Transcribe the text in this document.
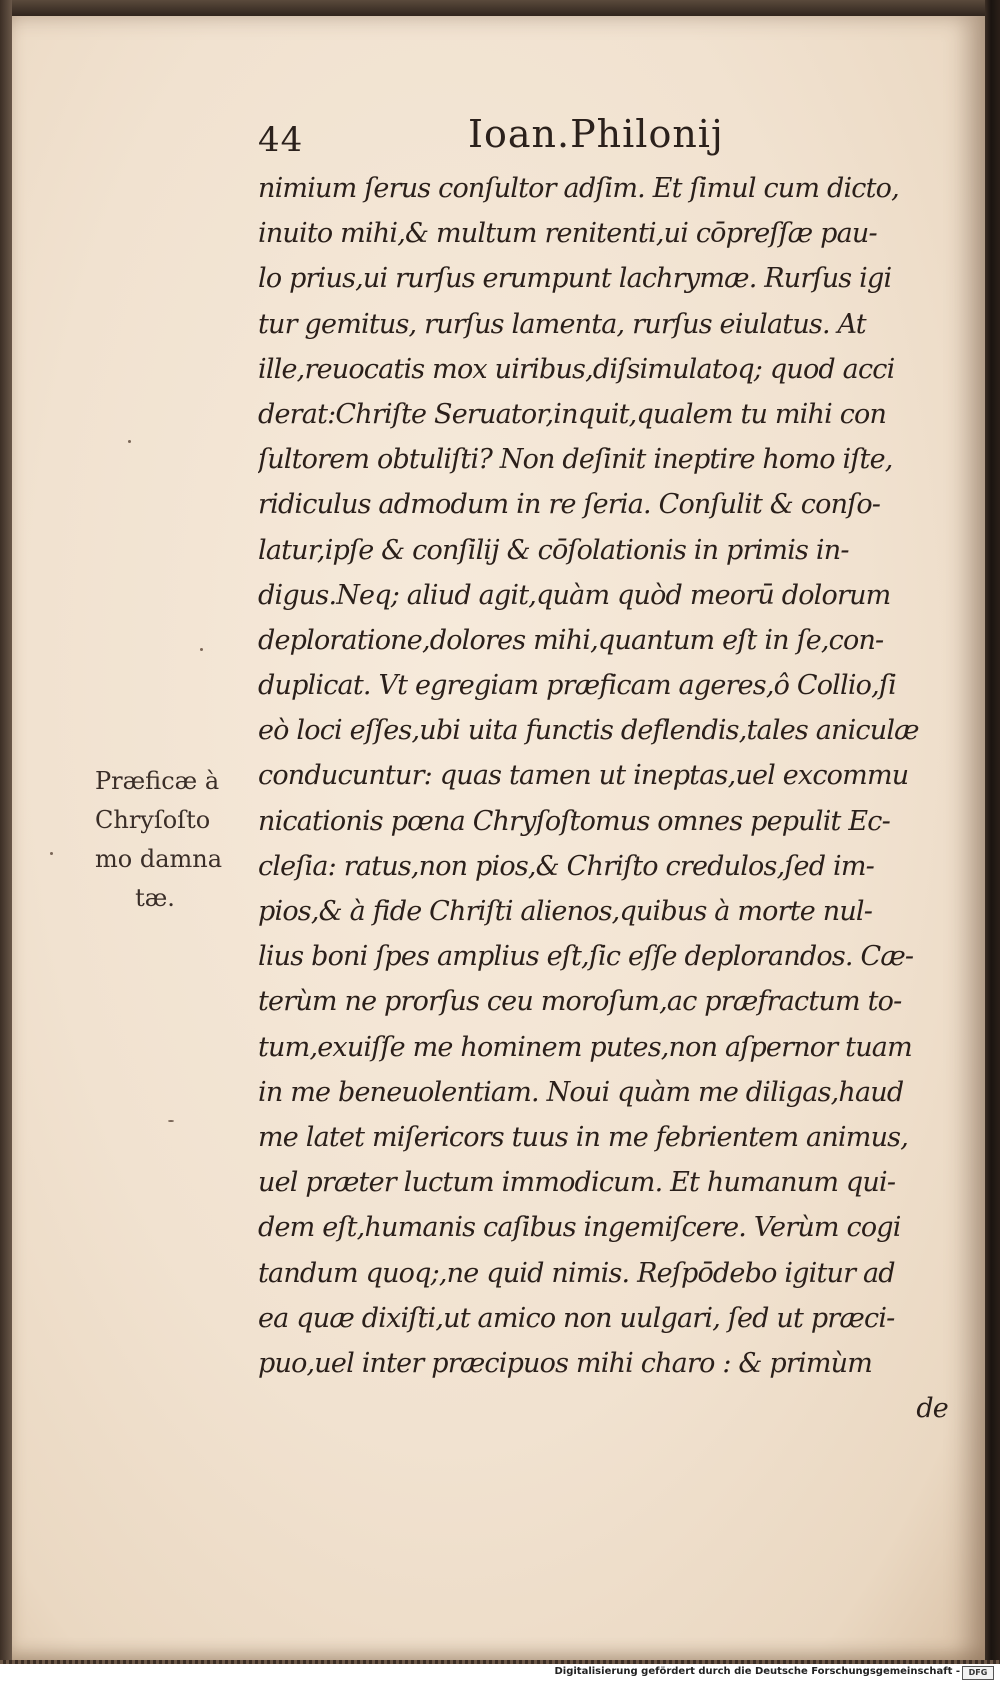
44	Ioan.Philonij
nimium ſerus conſultor adſim. Et ſimul cum dicto,
inuito mihi,& multum renitenti,ui cōpreſſæ pau-
lo prius,ui rurſus erumpunt lachrymæ. Rurſus igi
tur gemitus, rurſus lamenta, rurſus eiulatus. At
ille,reuocatis mox uiribus,diſsimulatoq; quod acci
derat:Chriſte Seruator,inquit,qualem tu mihi con
ſultorem obtuliſti? Non deſinit ineptire homo iſte,
ridiculus admodum in re ſeria. Conſulit & conſo-
latur,ipſe & conſilij & cōſolationis in primis in-
digus.Neq; aliud agit,quàm quòd meorū dolorum
deploratione,dolores mihi,quantum eſt in ſe,con-
duplicat. Vt egregiam præficam ageres,ô Collio,ſi
eò loci eſſes,ubi uita functis deflendis,tales aniculæ
conducuntur: quas tamen ut ineptas,uel excommu
nicationis pœna Chryſoſtomus omnes pepulit Ec-
cleſia: ratus,non pios,& Chriſto credulos,ſed im-
pios,& à fide Chriſti alienos,quibus à morte nul-
lius boni ſpes amplius eſt,ſic eſſe deplorandos. Cæ-
terùm ne prorſus ceu moroſum,ac præfractum to-
tum,exuiſſe me hominem putes,non aſpernor tuam
in me beneuolentiam. Noui quàm me diligas,haud
me latet miſericors tuus in me febrientem animus,
uel præter luctum immodicum. Et humanum qui-
dem eſt,humanis caſibus ingemiſcere. Verùm cogi
tandum quoq;,ne quid nimis. Reſpōdebo igitur ad
ea quæ dixiſti,ut amico non uulgari, ſed ut præci-
puo,uel inter præcipuos mihi charo : & primùm
de
Præficæ à
Chryſoſto
mo damna
tæ.
Digitalisierung gefördert durch die Deutsche Forschungsgemeinschaft -	DFG
